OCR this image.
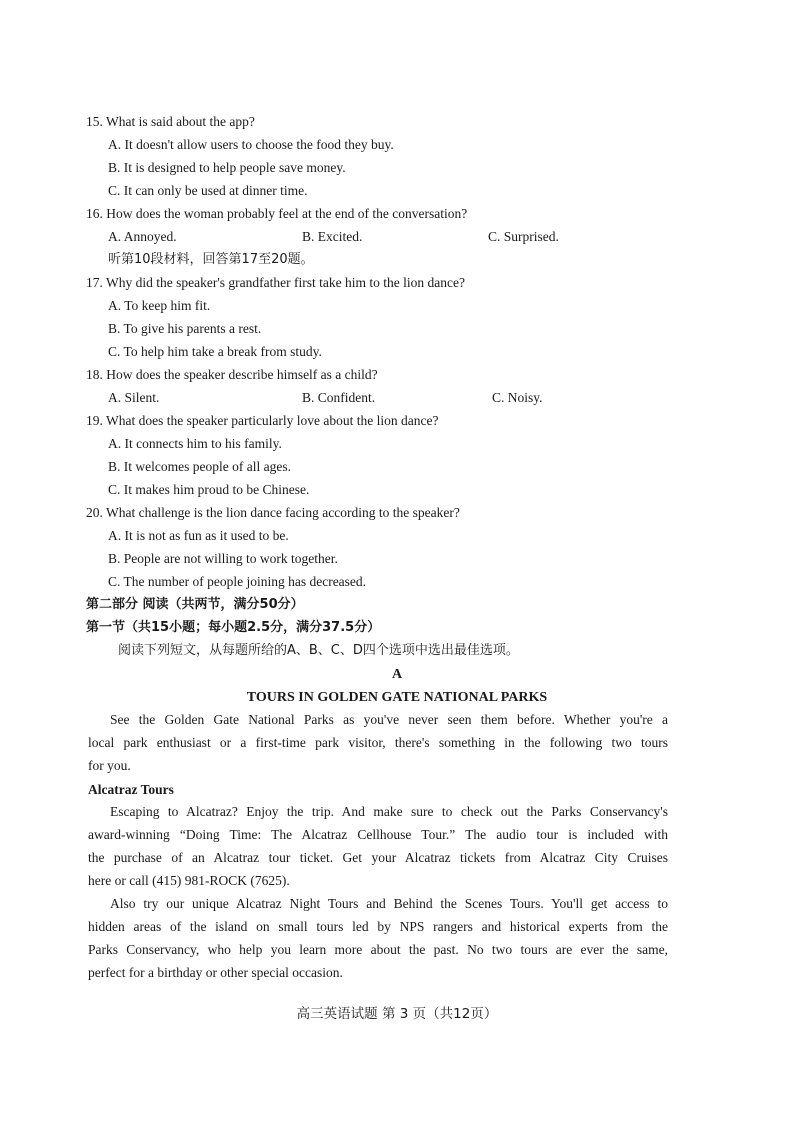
15. What is said about the app?
A. It doesn't allow users to choose the food they buy.
B. It is designed to help people save money.
C. It can only be used at dinner time.
16. How does the woman probably feel at the end of the conversation?
A. Annoyed.	B. Excited.	C. Surprised.
听第10段材料，回答第17至20题。
17. Why did the speaker's grandfather first take him to the lion dance?
A. To keep him fit.
B. To give his parents a rest.
C. To help him take a break from study.
18. How does the speaker describe himself as a child?
A. Silent.	B. Confident.	C. Noisy.
19. What does the speaker particularly love about the lion dance?
A. It connects him to his family.
B. It welcomes people of all ages.
C. It makes him proud to be Chinese.
20. What challenge is the lion dance facing according to the speaker?
A. It is not as fun as it used to be.
B. People are not willing to work together.
C. The number of people joining has decreased.
第二部分 阅读（共两节，满分50分）
第一节（共15小题；每小题2.5分，满分37.5分）
阅读下列短文，从每题所给的A、B、C、D四个选项中选出最佳选项。
A
TOURS IN GOLDEN GATE NATIONAL PARKS
See the Golden Gate National Parks as you've never seen them before. Whether you're a
local park enthusiast or a first-time park visitor, there's something in the following two tours
for you.
Alcatraz Tours
Escaping to Alcatraz? Enjoy the trip. And make sure to check out the Parks Conservancy's
award-winning “Doing Time: The Alcatraz Cellhouse Tour.” The audio tour is included with
the purchase of an Alcatraz tour ticket. Get your Alcatraz tickets from Alcatraz City Cruises
here or call (415) 981-ROCK (7625).
Also try our unique Alcatraz Night Tours and Behind the Scenes Tours. You'll get access to
hidden areas of the island on small tours led by NPS rangers and historical experts from the
Parks Conservancy, who help you learn more about the past. No two tours are ever the same,
perfect for a birthday or other special occasion.
高三英语试题 第 3 页（共12页）
